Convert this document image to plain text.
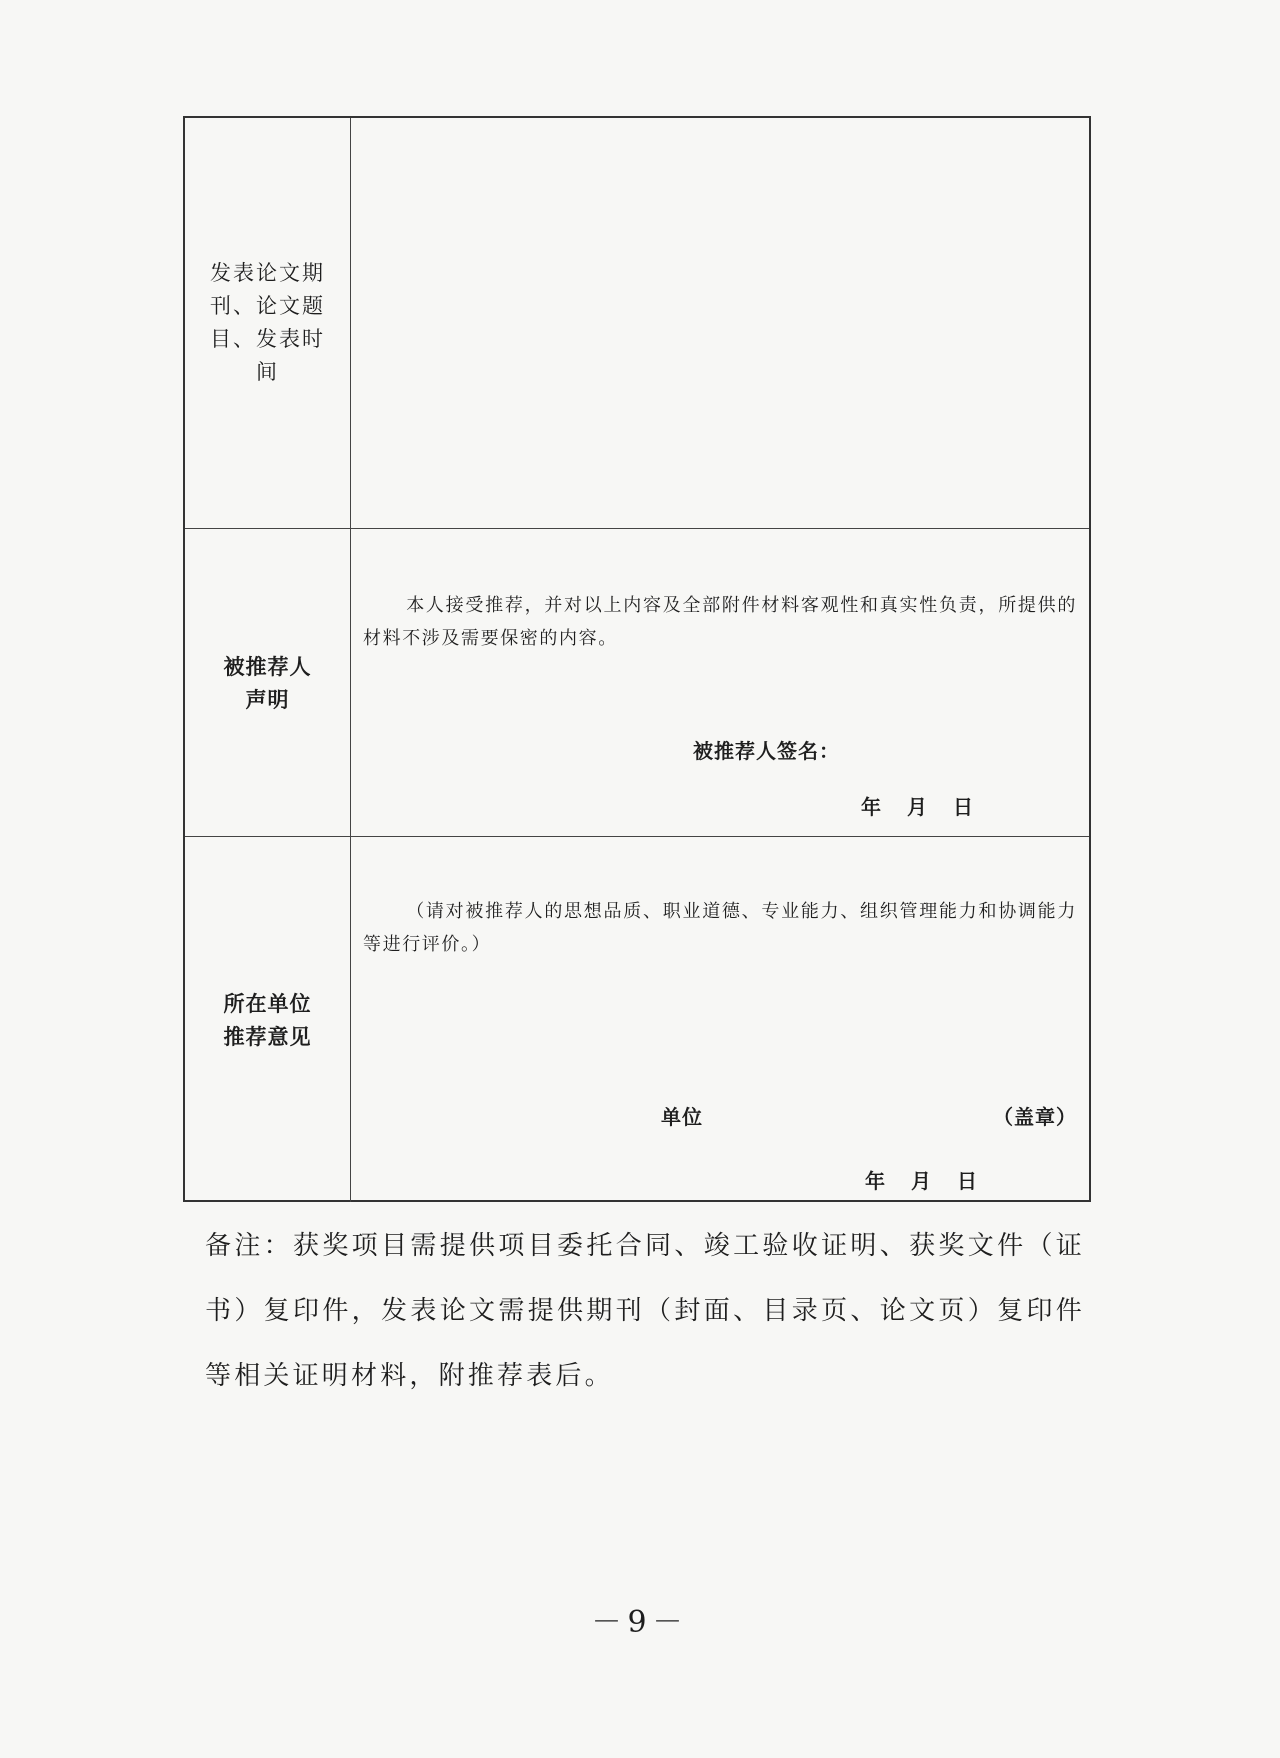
发表论文期刊、论文题目、发表时间
被推荐人声明
本人接受推荐，并对以上内容及全部附件材料客观性和真实性负责，所提供的材料不涉及需要保密的内容。
被推荐人签名：
年 月 日
所在单位推荐意见
（请对被推荐人的思想品质、职业道德、专业能力、组织管理能力和协调能力等进行评价。）
单位	（盖章）
年 月 日
备注：获奖项目需提供项目委托合同、竣工验收证明、获奖文件（证书）复印件，发表论文需提供期刊（封面、目录页、论文页）复印件等相关证明材料，附推荐表后。
－9－
